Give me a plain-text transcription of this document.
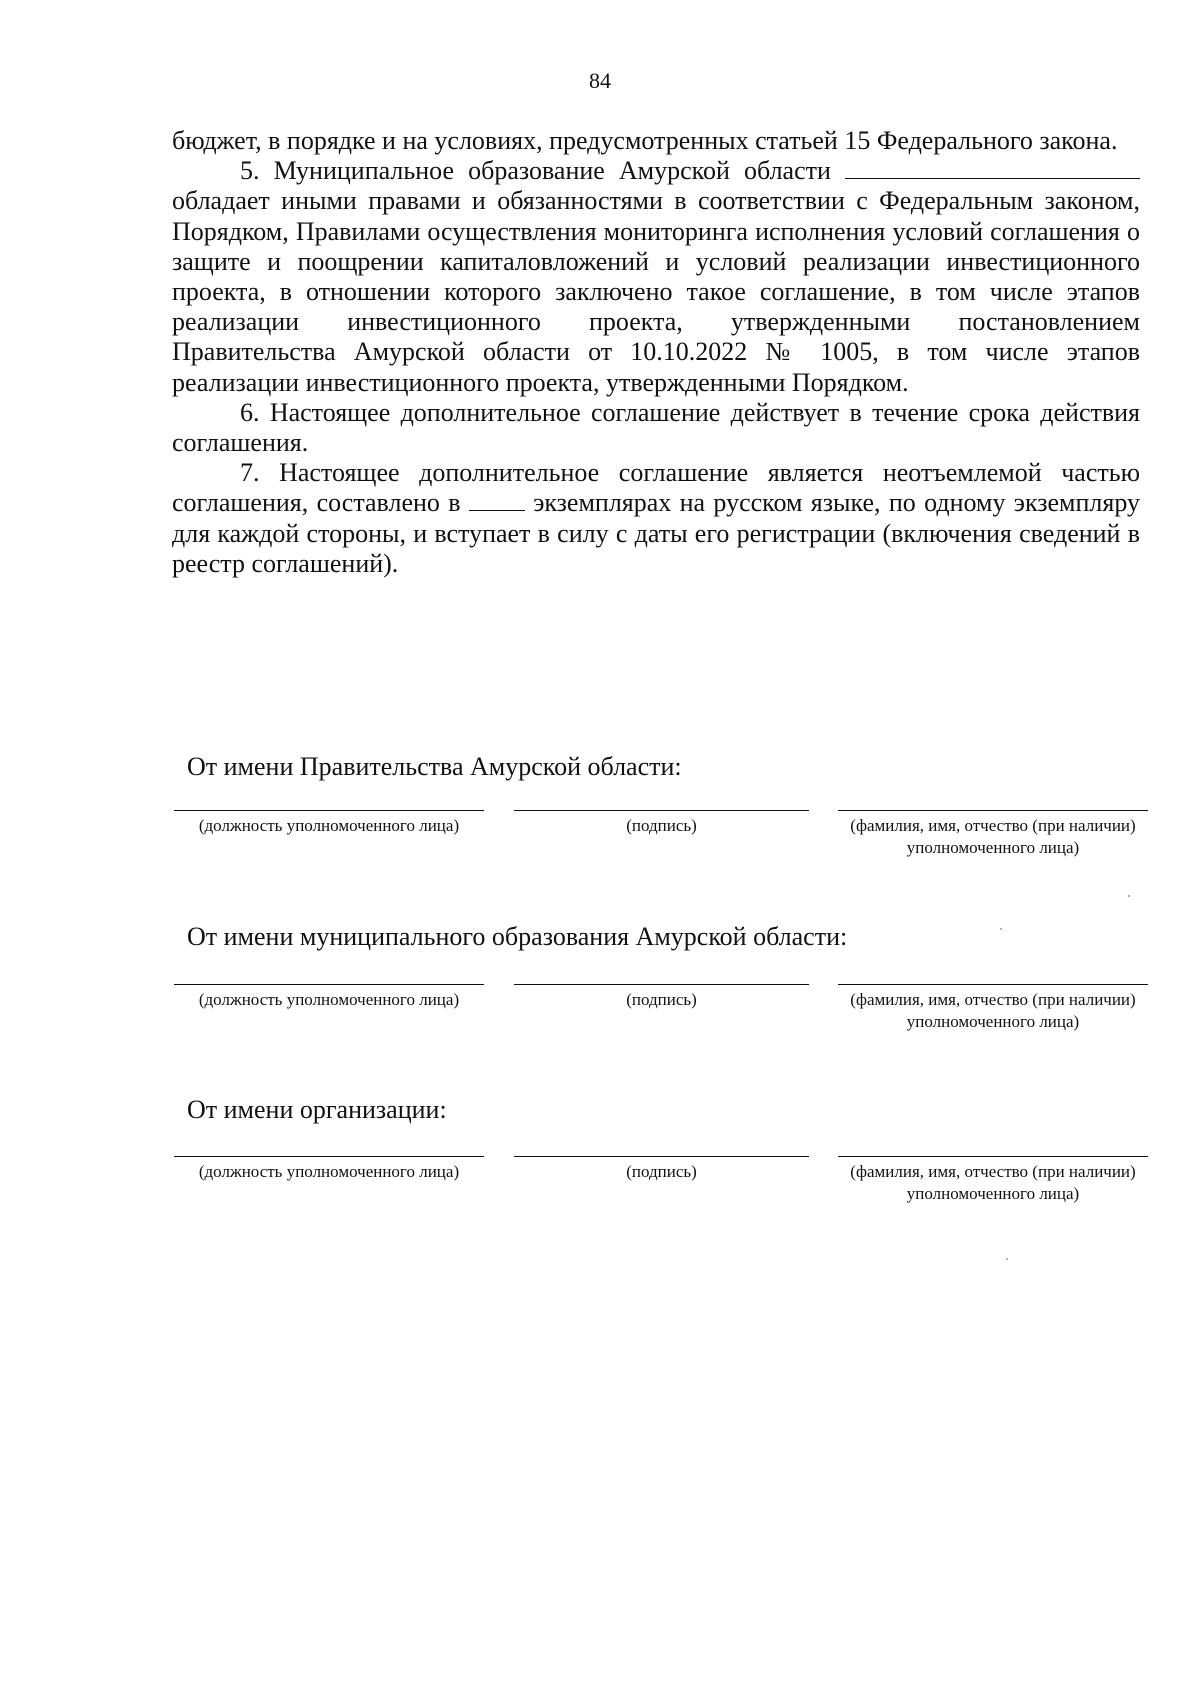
84

бюджет, в порядке и на условиях, предусмотренных статьей 15 Федерального закона.

5. Муниципальное образование Амурской области  обладает иными правами и обязанностями в соответствии с Федеральным законом, Порядком, Правилами осуществления мониторинга исполнения условий соглашения о защите и поощрении капиталовложений и условий реализации инвестиционного проекта, в отношении которого заключено такое соглашение, в том числе этапов реализации инвестиционного проекта, утвержденными постановлением Правительства Амурской области от 10.10.2022 № 1005, в том числе этапов реализации инвестиционного проекта, утвержденными Порядком.

6. Настоящее дополнительное соглашение действует в течение срока действия соглашения.

7. Настоящее дополнительное соглашение является неотъемлемой частью соглашения, составлено в	экземплярах на русском языке, по одному экземпляру для каждой стороны, и вступает в силу с даты его регистрации (включения сведений в реестр соглашений).

От имени Правительства Амурской области:
(должность уполномоченного лица)	(подпись)	(фамилия, имя, отчество (при наличии) уполномоченного лица)
От имени муниципального образования Амурской области:
(должность уполномоченного лица)	(подпись)	(фамилия, имя, отчество (при наличии) уполномоченного лица)
От имени организации:
(должность уполномоченного лица)	(подпись)	(фамилия, имя, отчество (при наличии) уполномоченного лица)
